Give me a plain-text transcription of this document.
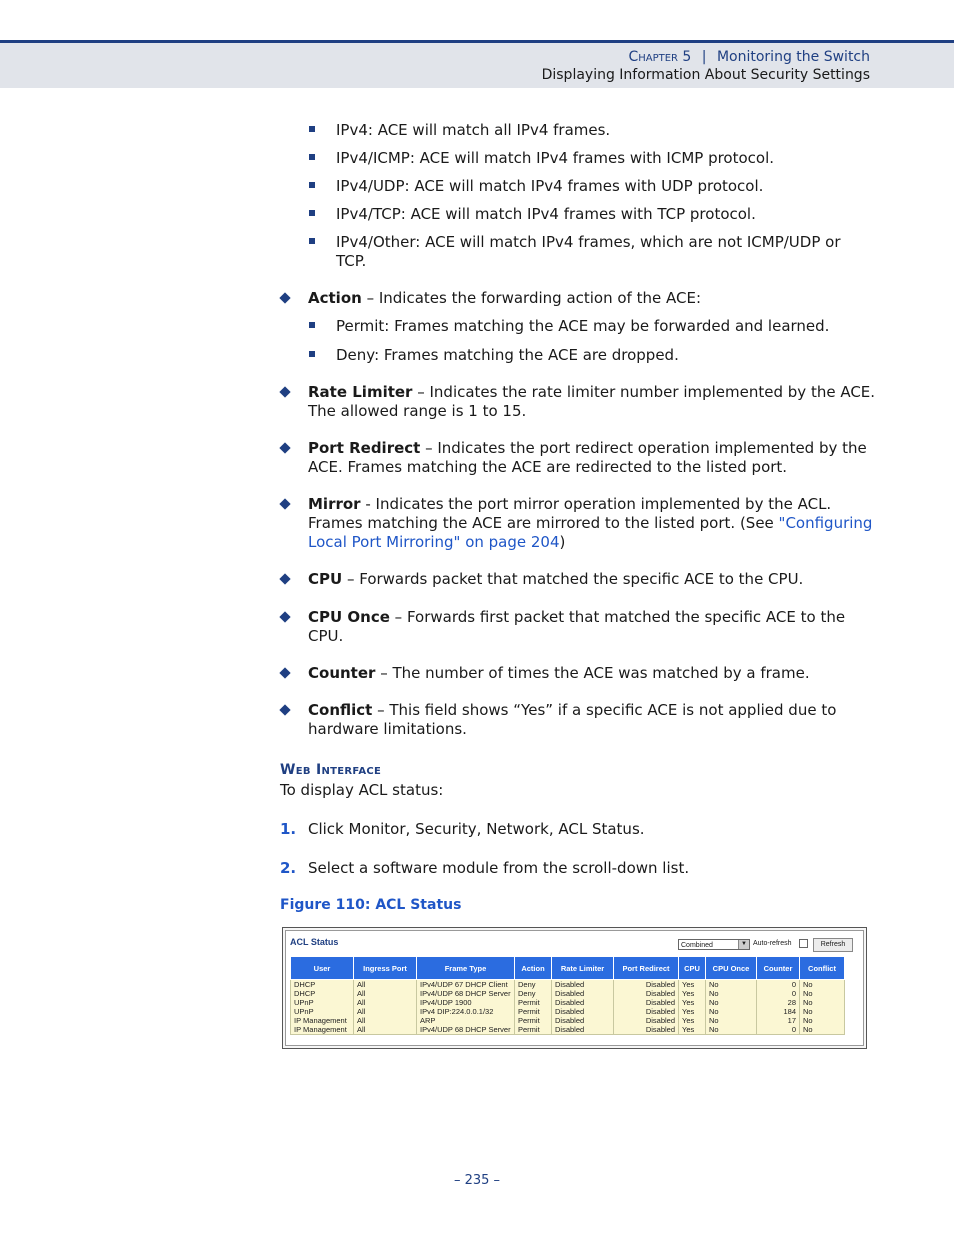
Chapter 5 | Monitoring the Switch
Displaying Information About Security Settings
IPv4: ACE will match all IPv4 frames.
IPv4/ICMP: ACE will match IPv4 frames with ICMP protocol.
IPv4/UDP: ACE will match IPv4 frames with UDP protocol.
IPv4/TCP: ACE will match IPv4 frames with TCP protocol.
IPv4/Other: ACE will match IPv4 frames, which are not ICMP/UDP or TCP.
Action – Indicates the forwarding action of the ACE:
Permit: Frames matching the ACE may be forwarded and learned.
Deny: Frames matching the ACE are dropped.
Rate Limiter – Indicates the rate limiter number implemented by the ACE. The allowed range is 1 to 15.
Port Redirect – Indicates the port redirect operation implemented by the ACE. Frames matching the ACE are redirected to the listed port.
Mirror - Indicates the port mirror operation implemented by the ACL. Frames matching the ACE are mirrored to the listed port. (See "Configuring Local Port Mirroring" on page 204)
CPU – Forwards packet that matched the specific ACE to the CPU.
CPU Once – Forwards first packet that matched the specific ACE to the CPU.
Counter – The number of times the ACE was matched by a frame.
Conflict – This field shows “Yes” if a specific ACE is not applied due to hardware limitations.
Web Interface
To display ACL status:
1. Click Monitor, Security, Network, ACL Status.
2. Select a software module from the scroll-down list.
Figure 110: ACL Status
ACL Status	Combined	▼ Auto-refresh	Refresh
User	Ingress Port	Frame Type	Action	Rate Limiter	Port Redirect	CPU	CPU Once	Counter	Conflict
DHCP	All	IPv4/UDP 67 DHCP Client	Deny	Disabled	Disabled	Yes	No	0	No
DHCP	All	IPv4/UDP 68 DHCP Server	Deny	Disabled	Disabled	Yes	No	0	No
UPnP	All	IPv4/UDP 1900	Permit	Disabled	Disabled	Yes	No	28	No
UPnP	All	IPv4 DIP:224.0.0.1/32	Permit	Disabled	Disabled	Yes	No	184	No
IP Management	All	ARP	Permit	Disabled	Disabled	Yes	No	17	No
IP Management	All	IPv4/UDP 68 DHCP Server	Permit	Disabled	Disabled	Yes	No	0	No
– 235 –
